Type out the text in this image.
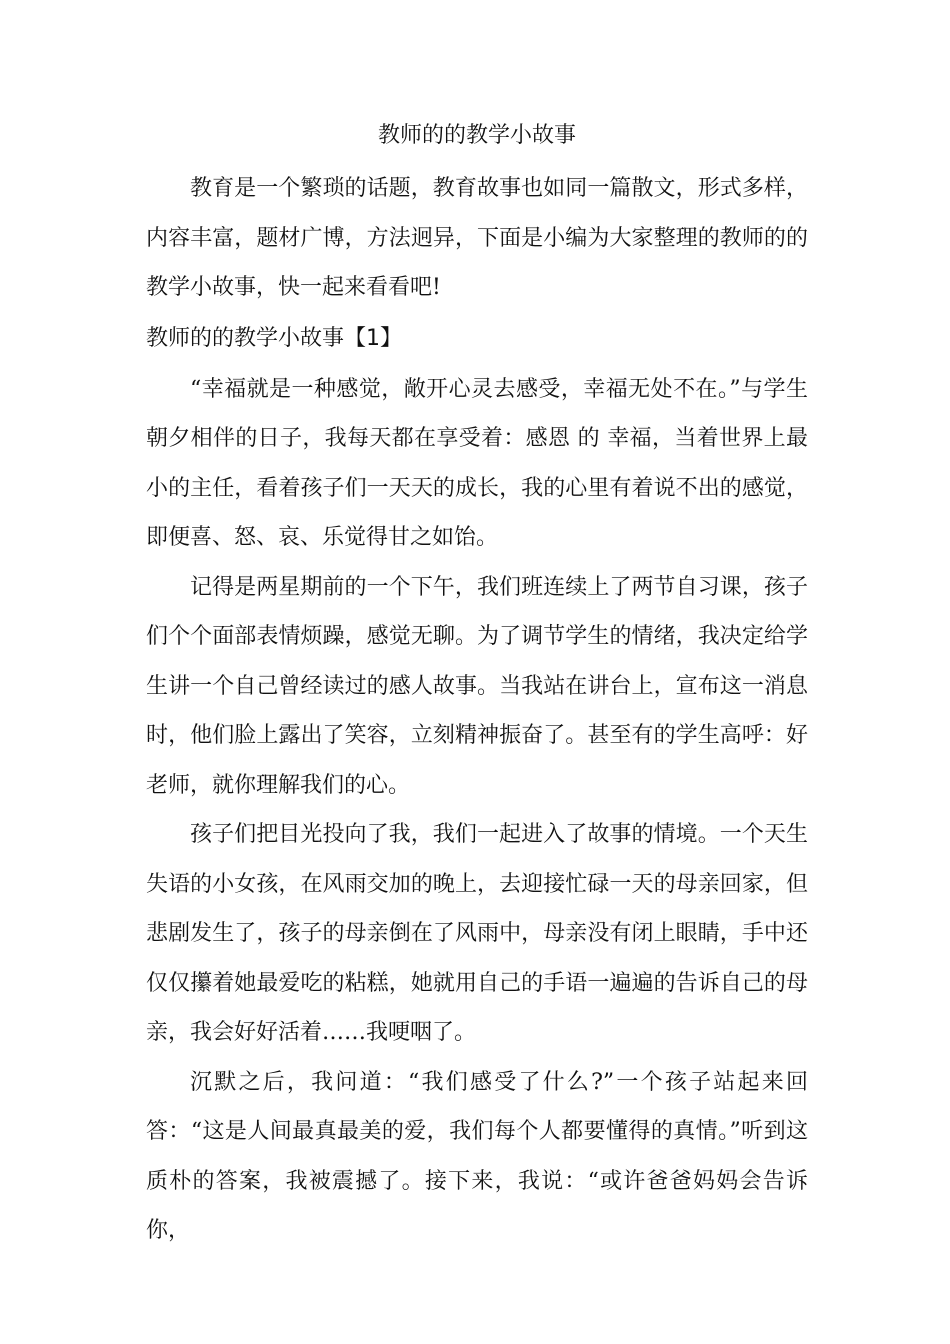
教师的的教学小故事

教育是一个繁琐的话题，教育故事也如同一篇散文，形式多样，内容丰富，题材广博，方法迥异，下面是小编为大家整理的教师的的教学小故事，快一起来看看吧!

教师的的教学小故事【1】

“幸福就是一种感觉，敞开心灵去感受，幸福无处不在。”与学生朝夕相伴的日子，我每天都在享受着：感恩 的 幸福，当着世界上最小的主任，看着孩子们一天天的成长，我的心里有着说不出的感觉，即便喜、怒、哀、乐觉得甘之如饴。

记得是两星期前的一个下午，我们班连续上了两节自习课，孩子们个个面部表情烦躁，感觉无聊。为了调节学生的情绪，我决定给学生讲一个自己曾经读过的感人故事。当我站在讲台上，宣布这一消息时，他们脸上露出了笑容，立刻精神振奋了。甚至有的学生高呼：好老师，就你理解我们的心。

孩子们把目光投向了我，我们一起进入了故事的情境。一个天生失语的小女孩，在风雨交加的晚上，去迎接忙碌一天的母亲回家，但悲剧发生了，孩子的母亲倒在了风雨中，母亲没有闭上眼睛，手中还仅仅攥着她最爱吃的粘糕，她就用自己的手语一遍遍的告诉自己的母亲，我会好好活着……我哽咽了。

沉默之后，我问道：“我们感受了什么?”一个孩子站起来回答：“这是人间最真最美的爱，我们每个人都要懂得的真情。”听到这质朴的答案，我被震撼了。接下来，我说：“或许爸爸妈妈会告诉你，
